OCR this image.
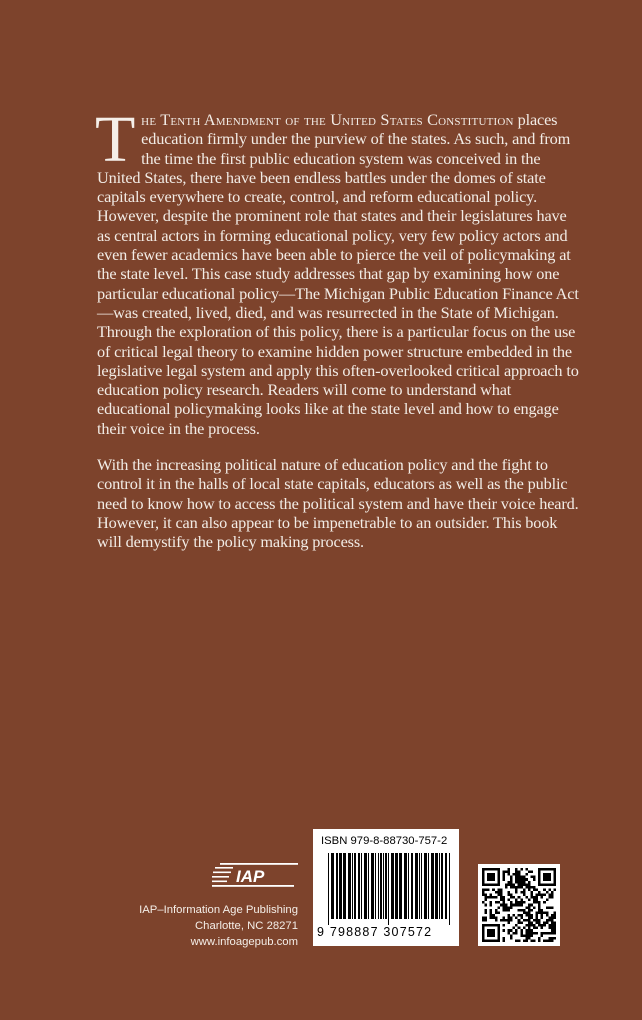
The Tenth Amendment of the United States Constitution places education firmly under the purview of the states. As such, and from the time the first public education system was conceived in the United States, there have been endless battles under the domes of state capitals everywhere to create, control, and reform educational policy. However, despite the prominent role that states and their legislatures have as central actors in forming educational policy, very few policy actors and even fewer academics have been able to pierce the veil of policymaking at the state level. This case study addresses that gap by examining how one particular educational policy—The Michigan Public Education Finance Act—was created, lived, died, and was resurrected in the State of Michigan. Through the exploration of this policy, there is a particular focus on the use of critical legal theory to examine hidden power structure embedded in the legislative legal system and apply this often-overlooked critical approach to education policy research. Readers will come to understand what educational policymaking looks like at the state level and how to engage their voice in the process.

With the increasing political nature of education policy and the fight to control it in the halls of local state capitals, educators as well as the public need to know how to access the political system and have their voice heard. However, it can also appear to be impenetrable to an outsider. This book will demystify the policy making process.

IAP
IAP–Information Age Publishing
Charlotte, NC 28271
www.infoagepub.com
ISBN 979-8-88730-757-2
9 798887 307572
